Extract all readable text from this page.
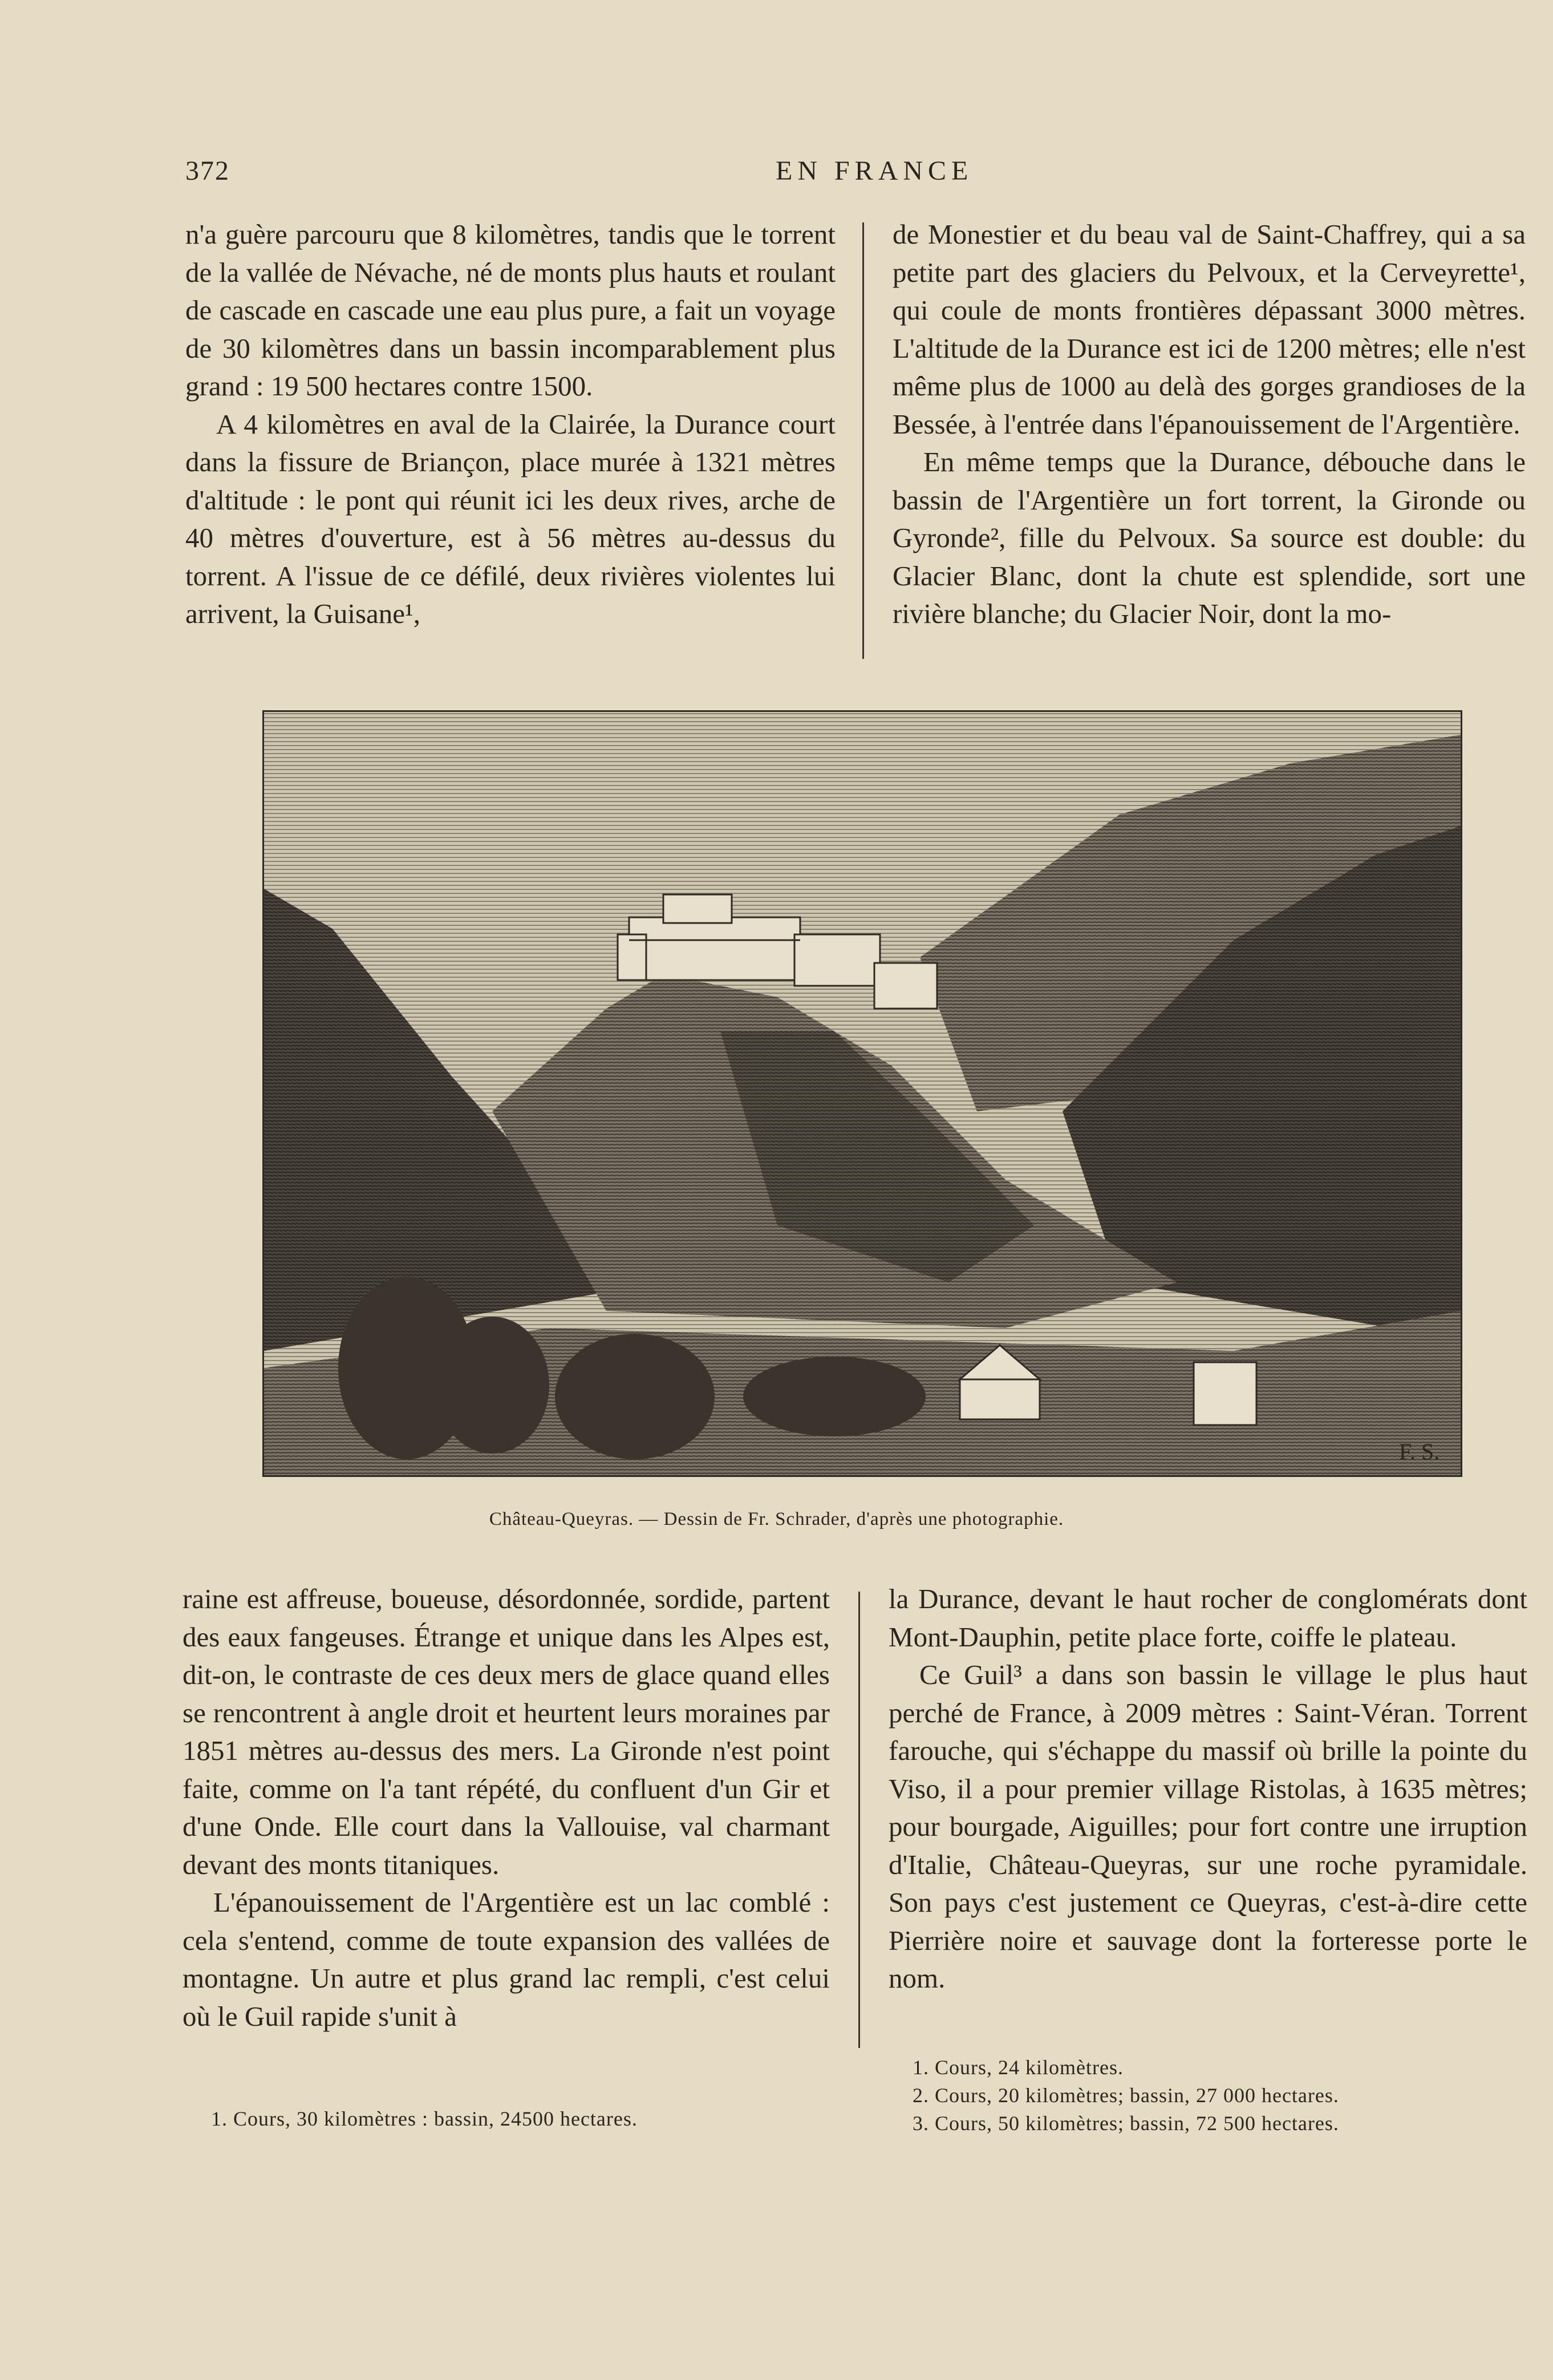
372	EN FRANCE

n'a guère parcouru que 8 kilomètres, tandis que le torrent de la vallée de Névache, né de monts plus hauts et roulant de cascade en cascade une eau plus pure, a fait un voyage de 30 kilomètres dans un bassin incomparablement plus grand : 19 500 hectares contre 1500.

A 4 kilomètres en aval de la Clairée, la Durance court dans la fissure de Briançon, place murée à 1321 mètres d'altitude : le pont qui réunit ici les deux rives, arche de 40 mètres d'ouverture, est à 56 mètres au-dessus du torrent. A l'issue de ce défilé, deux rivières violentes lui arrivent, la Guisane¹,

de Monestier et du beau val de Saint-Chaffrey, qui a sa petite part des glaciers du Pelvoux, et la Cerveyrette¹, qui coule de monts frontières dépassant 3000 mètres. L'altitude de la Durance est ici de 1200 mètres; elle n'est même plus de 1000 au delà des gorges grandioses de la Bessée, à l'entrée dans l'épanouissement de l'Argentière.

En même temps que la Durance, débouche dans le bassin de l'Argentière un fort torrent, la Gironde ou Gyronde², fille du Pelvoux. Sa source est double: du Glacier Blanc, dont la chute est splendide, sort une rivière blanche; du Glacier Noir, dont la mo-

F. S.
Château-Queyras. — Dessin de Fr. Schrader, d'après une photographie.

raine est affreuse, boueuse, désordonnée, sordide, partent des eaux fangeuses. Étrange et unique dans les Alpes est, dit-on, le contraste de ces deux mers de glace quand elles se rencontrent à angle droit et heurtent leurs moraines par 1851 mètres au-dessus des mers. La Gironde n'est point faite, comme on l'a tant répété, du confluent d'un Gir et d'une Onde. Elle court dans la Vallouise, val charmant devant des monts titaniques.

L'épanouissement de l'Argentière est un lac comblé : cela s'entend, comme de toute expansion des vallées de montagne. Un autre et plus grand lac rempli, c'est celui où le Guil rapide s'unit à

la Durance, devant le haut rocher de conglomérats dont Mont-Dauphin, petite place forte, coiffe le plateau.

Ce Guil³ a dans son bassin le village le plus haut perché de France, à 2009 mètres : Saint-Véran. Torrent farouche, qui s'échappe du massif où brille la pointe du Viso, il a pour premier village Ristolas, à 1635 mètres; pour bourgade, Aiguilles; pour fort contre une irruption d'Italie, Château-Queyras, sur une roche pyramidale. Son pays c'est justement ce Queyras, c'est-à-dire cette Pierrière noire et sauvage dont la forteresse porte le nom.

1. Cours, 30 kilomètres : bassin, 24500 hectares.

1. Cours, 24 kilomètres.

2. Cours, 20 kilomètres; bassin, 27 000 hectares.

3. Cours, 50 kilomètres; bassin, 72 500 hectares.
